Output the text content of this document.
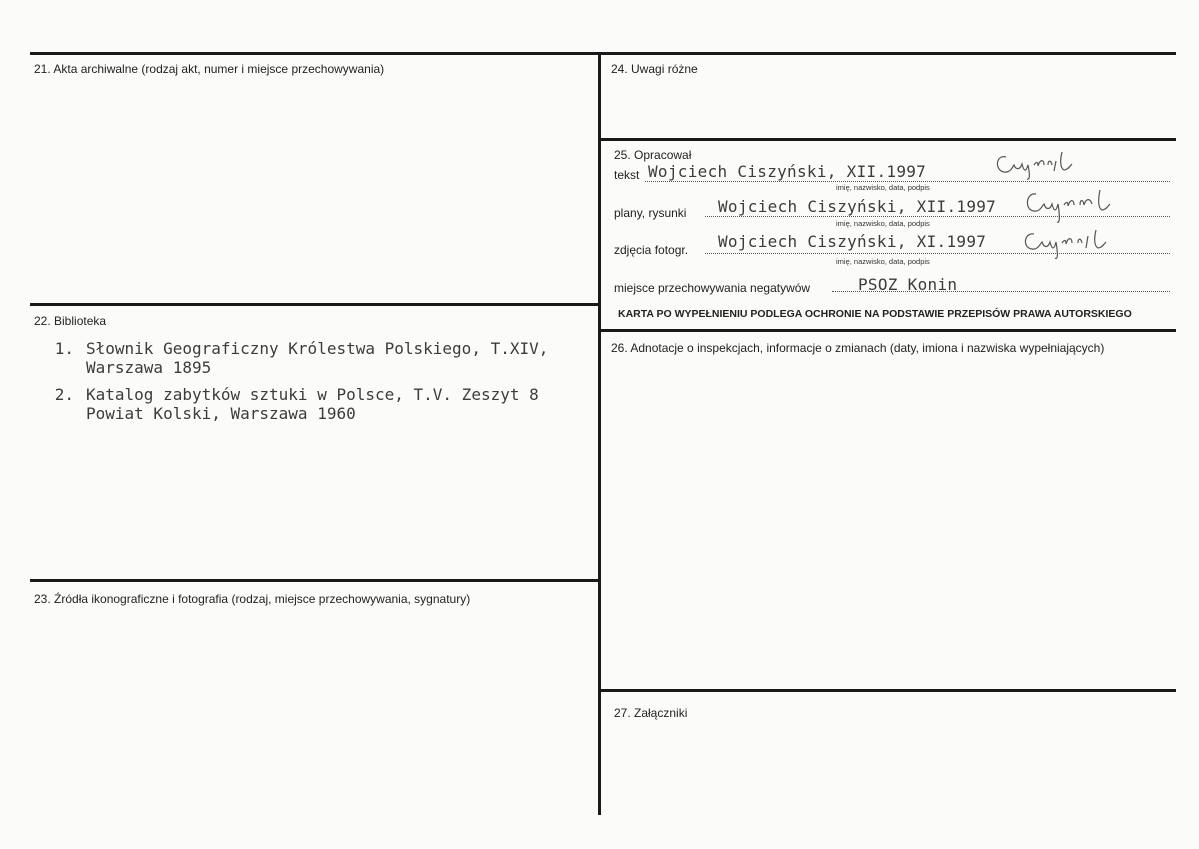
21. Akta archiwalne (rodzaj akt, numer i miejsce przechowywania)
22. Biblioteka
1. Słownik Geograficzny Królestwa Polskiego, T.XIV,
Warszawa 1895
2. Katalog zabytków sztuki w Polsce, T.V. Zeszyt 8
Powiat Kolski, Warszawa 1960
23. Źródła ikonograficzne i fotografia (rodzaj, miejsce przechowywania, sygnatury)
24. Uwagi różne
25. Opracował
tekst Wojciech Ciszyński, XII.1997
imię, nazwisko, data, podpis
plany, rysunki Wojciech Ciszyński, XII.1997
imię, nazwisko, data, podpis
zdjęcia fotogr. Wojciech Ciszyński, XI.1997
imię, nazwisko, data, podpis
miejsce przechowywania negatywów	PSOZ Konin
KARTA PO WYPEŁNIENIU PODLEGA OCHRONIE NA PODSTAWIE PRZEPISÓW PRAWA AUTORSKIEGO
26. Adnotacje o inspekcjach, informacje o zmianach (daty, imiona i nazwiska wypełniających)
27. Załączniki
